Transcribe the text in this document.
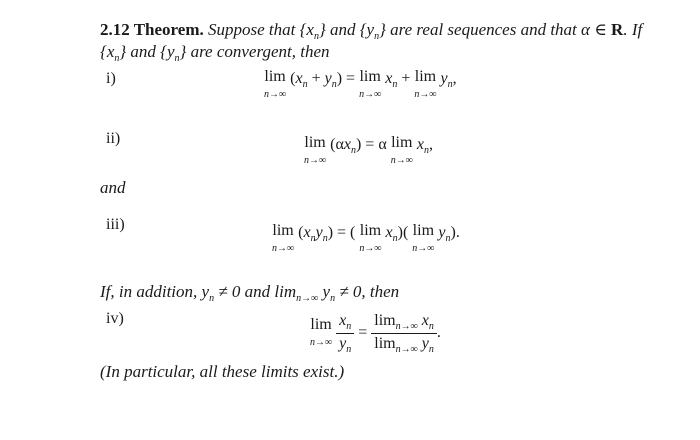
2.12 Theorem. Suppose that $\{x_n\}$ and $\{y_n\}$ are real sequences and that α ∈ R. If
$\{x_n\}$ and $\{y_n\}$ are convergent, then
i)	lim
n→∞
$(x_n + y_n) = \lim$
n→∞
$x_n + \lim$
n→∞
$y_n$,
ii)	lim
n→∞
$(\alpha x_n) = \alpha$ lim
n→∞
$x_n$,
and
iii)	lim
n→∞
$(x_ny_n)$ = ( lim
n→∞
$x_n$)( lim
n→∞
$y_n$).
If, in addition, $y_n \ne 0$ and $\lim_{n\to\infty} y_n \ne 0$, then
iv)	lim
n→∞
$\frac{x_n}{y_n} = \frac{\lim_{n\to\infty} x_n}{\lim_{n\to\infty} y_n}$ .
(In particular, all these limits exist.)
